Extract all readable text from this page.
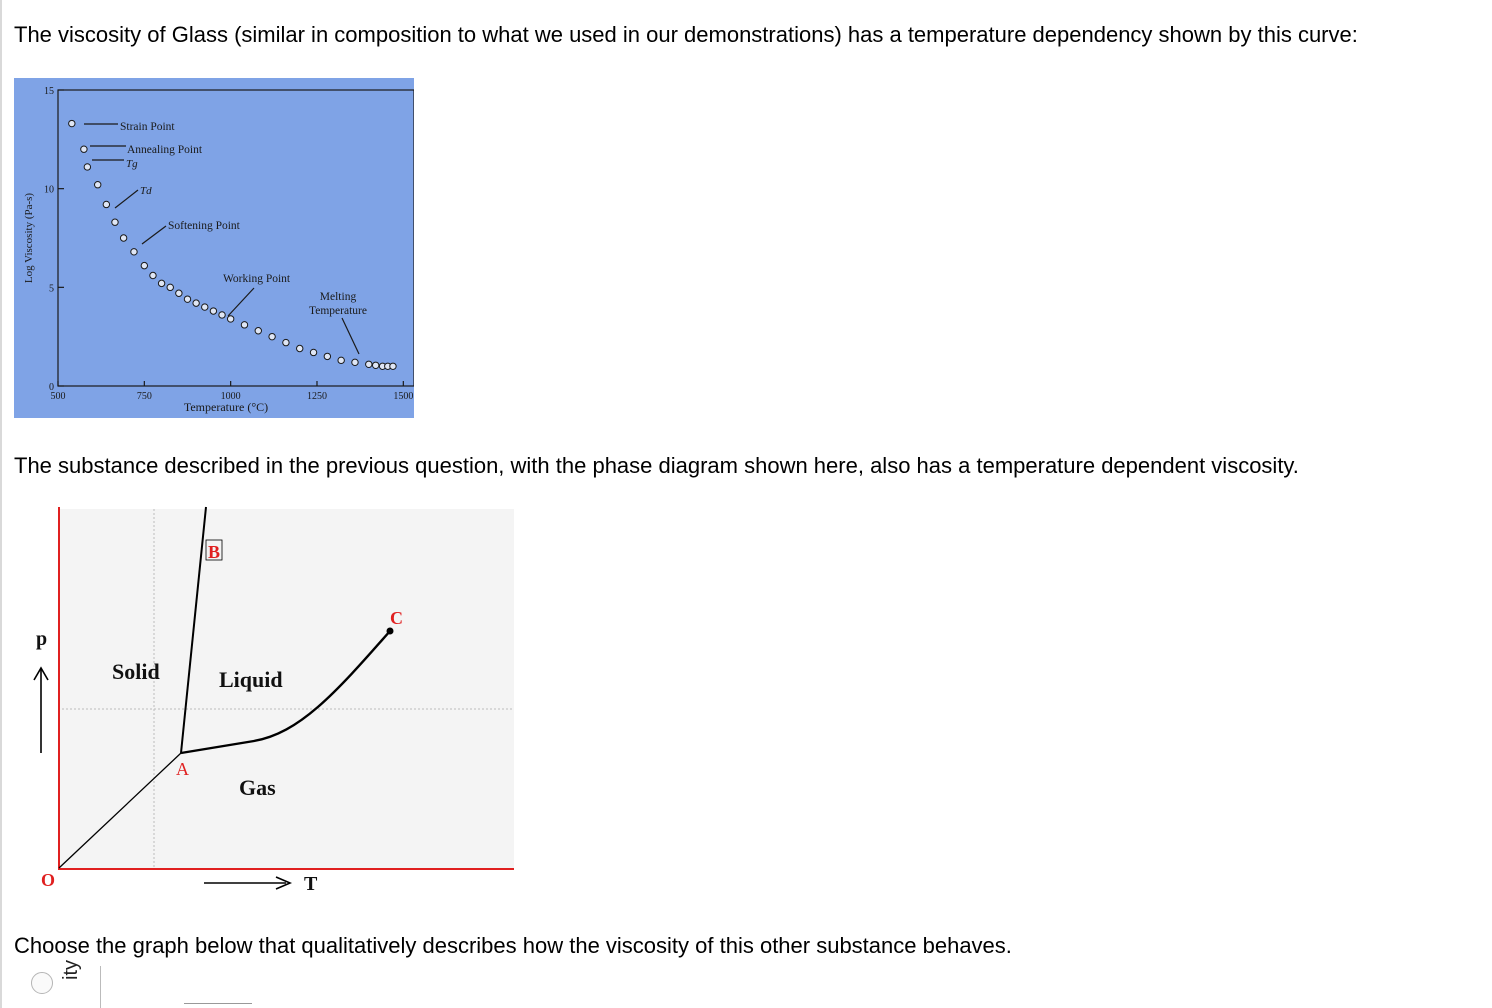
The viscosity of Glass (similar in composition to what we used in our demonstrations) has a temperature dependency shown by this curve:
15
10
5
0
500	750	1000	1250	1500
Log Viscosity (Pa-s)
Temperature (°C)
Strain Point
Annealing Point
Tg
Td
Softening Point
Working Point
Melting
Temperature
The substance described in the previous question, with the phase diagram shown here, also has a temperature dependent viscosity.
B
C
A
Solid	Liquid
Gas
p
O	T
Choose the graph below that qualitatively describes how the viscosity of this other substance behaves.
ity
